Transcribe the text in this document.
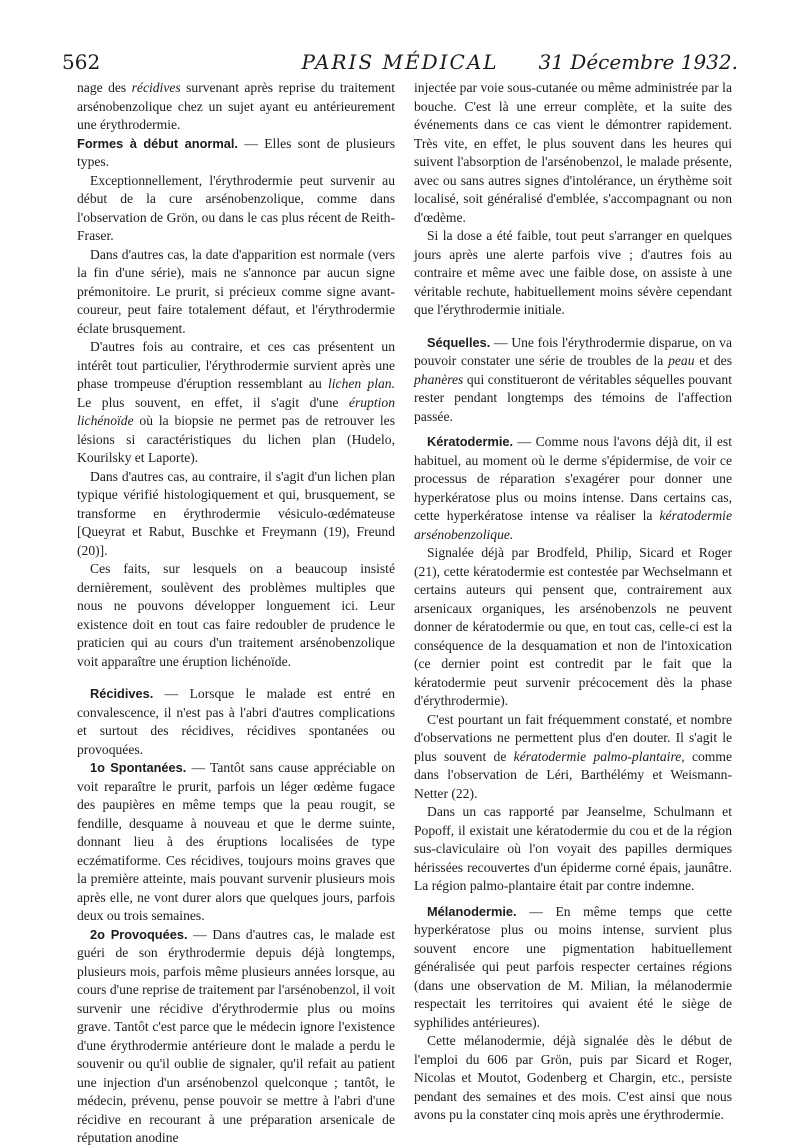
562	PARIS MÉDICAL	31 Décembre 1932.

nage des récidives survenant après reprise du traitement arsénobenzolique chez un sujet ayant eu antérieurement une érythrodermie.

Formes à début anormal. — Elles sont de plusieurs types.

Exceptionnellement, l'érythrodermie peut survenir au début de la cure arsénobenzolique, comme dans l'observation de Grön, ou dans le cas plus récent de Reith-Fraser.

Dans d'autres cas, la date d'apparition est normale (vers la fin d'une série), mais ne s'annonce par aucun signe prémonitoire. Le prurit, si précieux comme signe avant-coureur, peut faire totalement défaut, et l'érythrodermie éclate brusquement.

D'autres fois au contraire, et ces cas présentent un intérêt tout particulier, l'érythrodermie survient après une phase trompeuse d'éruption ressemblant au lichen plan. Le plus souvent, en effet, il s'agit d'une éruption lichénoïde où la biopsie ne permet pas de retrouver les lésions si caractéristiques du lichen plan (Hudelo, Kourilsky et Laporte).

Dans d'autres cas, au contraire, il s'agit d'un lichen plan typique vérifié histologiquement et qui, brusquement, se transforme en érythrodermie vésiculo-œdémateuse [Queyrat et Rabut, Buschke et Freymann (19), Freund (20)].

Ces faits, sur lesquels on a beaucoup insisté dernièrement, soulèvent des problèmes multiples que nous ne pouvons développer longuement ici. Leur existence doit en tout cas faire redoubler de prudence le praticien qui au cours d'un traitement arsénobenzolique voit apparaître une éruption lichénoïde.

Récidives. — Lorsque le malade est entré en convalescence, il n'est pas à l'abri d'autres complications et surtout des récidives, récidives spontanées ou provoquées.

1o Spontanées. — Tantôt sans cause appréciable on voit reparaître le prurit, parfois un léger œdème fugace des paupières en même temps que la peau rougit, se fendille, desquame à nouveau et que le derme suinte, donnant lieu à des éruptions localisées de type eczématiforme. Ces récidives, toujours moins graves que la première atteinte, mais pouvant survenir plusieurs mois après elle, ne vont durer alors que quelques jours, parfois deux ou trois semaines.

2o Provoquées. — Dans d'autres cas, le malade est guéri de son érythrodermie depuis déjà longtemps, plusieurs mois, parfois même plusieurs années lorsque, au cours d'une reprise de traitement par l'arsénobenzol, il voit survenir une récidive d'érythrodermie plus ou moins grave. Tantôt c'est parce que le médecin ignore l'existence d'une érythrodermie antérieure dont le malade a perdu le souvenir ou qu'il oublie de signaler, qu'il refait au patient une injection d'un arsénobenzol quelconque ; tantôt, le médecin, prévenu, pense pouvoir se mettre à l'abri d'une récidive en recourant à une préparation arsenicale de réputation anodine

injectée par voie sous-cutanée ou même administrée par la bouche. C'est là une erreur complète, et la suite des événements dans ce cas vient le démontrer rapidement. Très vite, en effet, le plus souvent dans les heures qui suivent l'absorption de l'arsénobenzol, le malade présente, avec ou sans autres signes d'intolérance, un érythème soit localisé, soit généralisé d'emblée, s'accompagnant ou non d'œdème.

Si la dose a été faible, tout peut s'arranger en quelques jours après une alerte parfois vive ; d'autres fois au contraire et même avec une faible dose, on assiste à une véritable rechute, habituellement moins sévère cependant que l'érythrodermie initiale.

Séquelles. — Une fois l'érythrodermie disparue, on va pouvoir constater une série de troubles de la peau et des phanères qui constitueront de véritables séquelles pouvant rester pendant longtemps des témoins de l'affection passée.

Kératodermie. — Comme nous l'avons déjà dit, il est habituel, au moment où le derme s'épidermise, de voir ce processus de réparation s'exagérer pour donner une hyperkératose plus ou moins intense. Dans certains cas, cette hyperkératose intense va réaliser la kératodermie arsénobenzolique.

Signalée déjà par Brodfeld, Philip, Sicard et Roger (21), cette kératodermie est contestée par Wechselmann et certains auteurs qui pensent que, contrairement aux arsenicaux organiques, les arsénobenzols ne peuvent donner de kératodermie ou que, en tout cas, celle-ci est la conséquence de la desquamation et non de l'intoxication (ce dernier point est contredit par le fait que la kératodermie peut survenir précocement dès la phase d'érythrodermie).

C'est pourtant un fait fréquemment constaté, et nombre d'observations ne permettent plus d'en douter. Il s'agit le plus souvent de kératodermie palmo-plantaire, comme dans l'observation de Léri, Barthélémy et Weismann-Netter (22).

Dans un cas rapporté par Jeanselme, Schulmann et Popoff, il existait une kératodermie du cou et de la région sus-claviculaire où l'on voyait des papilles dermiques hérissées recouvertes d'un épiderme corné épais, jaunâtre. La région palmo-plantaire était par contre indemne.

Mélanodermie. — En même temps que cette hyperkératose plus ou moins intense, survient plus souvent encore une pigmentation habituellement généralisée qui peut parfois respecter certaines régions (dans une observation de M. Milian, la mélanodermie respectait les territoires qui avaient été le siège de syphilides antérieures).

Cette mélanodermie, déjà signalée dès le début de l'emploi du 606 par Grön, puis par Sicard et Roger, Nicolas et Moutot, Godenberg et Chargin, etc., persiste pendant des semaines et des mois. C'est ainsi que nous avons pu la constater cinq mois après une érythrodermie.
